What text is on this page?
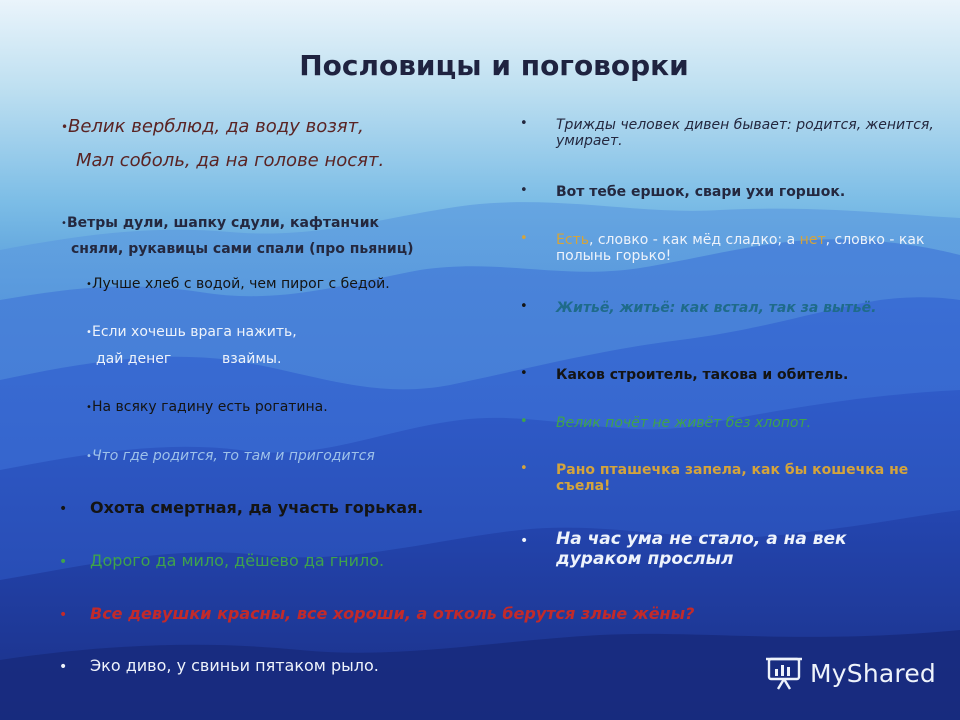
Пословицы и поговорки
• Велик верблюд, да воду возят,
Мал соболь, да на голове носят.
• Ветры дули, шапку сдули, кафтанчик
сняли, рукавицы сами спали (про пьяниц)
• Лучше хлеб с водой, чем пирог с бедой.
• Если хочешь врага нажить,
дай денег	взаймы.
• На всяку гадину есть рогатина.
• Что где родится, то там и пригодится
• Охота смертная, да участь горькая.
• Дорого да мило, дёшево да гнило.
• Все девушки красны, все хороши, а отколь берутся злые жёны?
• Эко диво, у свиньи пятаком рыло.
• Трижды человек дивен бывает: родится, женится, умирает.
• Вот тебе ершок, свари ухи горшок.
• Есть, словко - как мёд сладко; а нет, словко - как полынь горько!
• Житьё, житьё: как встал, так за вытьё.
• Каков строитель, такова и обитель.
• Велик почёт не живёт без хлопот.
• Рано пташечка запела, как бы кошечка не съела!
• На час ума не стало, а на век дураком прослыл
MyShared
